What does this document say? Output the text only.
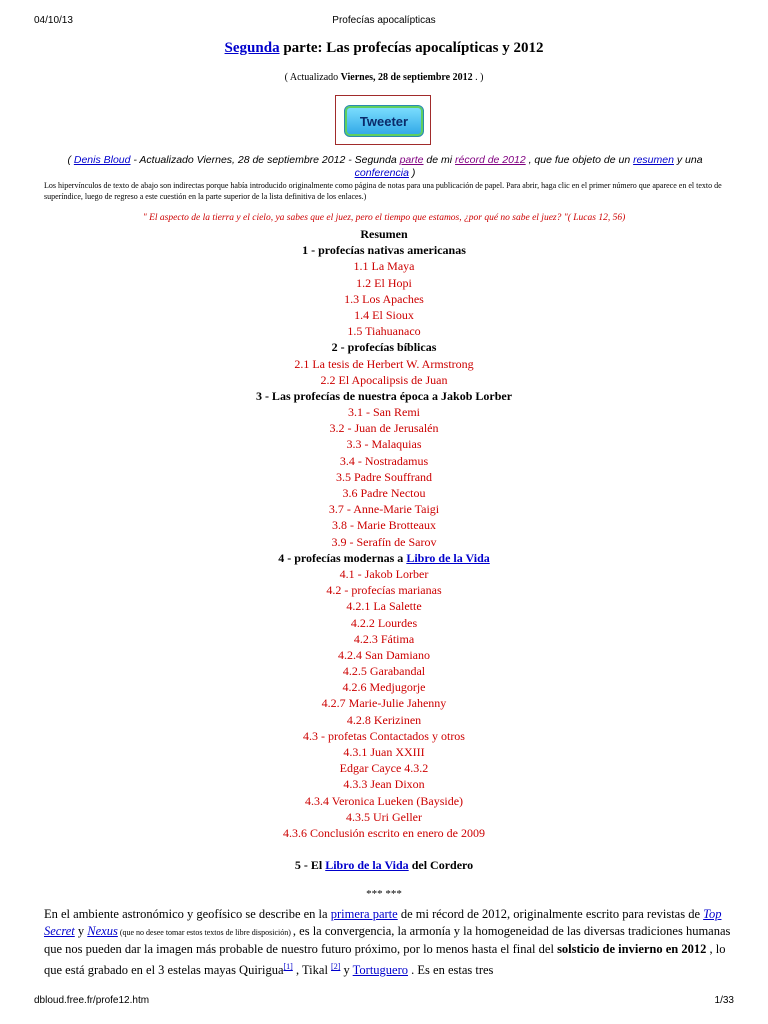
04/10/13	Profecías apocalípticas
Segunda parte: Las profecías apocalípticas y 2012
( Actualizado Viernes, 28 de septiembre 2012 . )
Tweeter
( Denis Bloud - Actualizado Viernes, 28 de septiembre 2012 - Segunda parte de mi récord de 2012 , que fue objeto de un resumen y una conferencia )
Los hipervínculos de texto de abajo son indirectas porque había introducido originalmente como página de notas para una publicación de papel. Para abrir, haga clic en el primer número que aparece en el texto de superíndice, luego de regreso a este cuestión en la parte superior de la lista definitiva de los enlaces.)
" El aspecto de la tierra y el cielo, ya sabes que el juez, pero el tiempo que estamos, ¿por qué no sabe el juez? "( Lucas 12, 56)
Resumen
1 - profecías nativas americanas
1.1 La Maya
1.2 El Hopi
1.3 Los Apaches
1.4 El Sioux
1.5 Tiahuanaco
2 - profecías bíblicas
2.1 La tesis de Herbert W. Armstrong
2.2 El Apocalipsis de Juan
3 - Las profecías de nuestra época a Jakob Lorber
3.1 - San Remi
3.2 - Juan de Jerusalén
3.3 - Malaquias
3.4 - Nostradamus
3.5 Padre Souffrand
3.6 Padre Nectou
3.7 - Anne-Marie Taigi
3.8 - Marie Brotteaux
3.9 - Serafín de Sarov
4 - profecías modernas a Libro de la Vida
4.1 - Jakob Lorber
4.2 - profecías marianas
4.2.1 La Salette
4.2.2 Lourdes
4.2.3 Fátima
4.2.4 San Damiano
4.2.5 Garabandal
4.2.6 Medjugorje
4.2.7 Marie-Julie Jahenny
4.2.8 Kerizinen
4.3 - profetas Contactados y otros
4.3.1 Juan XXIII
Edgar Cayce 4.3.2
4.3.3 Jean Dixon
4.3.4 Veronica Lueken (Bayside)
4.3.5 Uri Geller
4.3.6 Conclusión escrito en enero de 2009
5 - El Libro de la Vida del Cordero
*** ***
En el ambiente astronómico y geofísico se describe en la primera parte de mi récord de 2012, originalmente escrito para revistas de Top Secret y Nexus (que no desee tomar estos textos de libre disposición) , es la convergencia, la armonía y la homogeneidad de las diversas tradiciones humanas que nos pueden dar la imagen más probable de nuestro futuro próximo, por lo menos hasta el final del solsticio de invierno en 2012 , lo que está grabado en el 3 estelas mayas Quirigua[1] , Tikal [2] y Tortuguero . Es en estas tres
dbloud.free.fr/profe12.htm	1/33
